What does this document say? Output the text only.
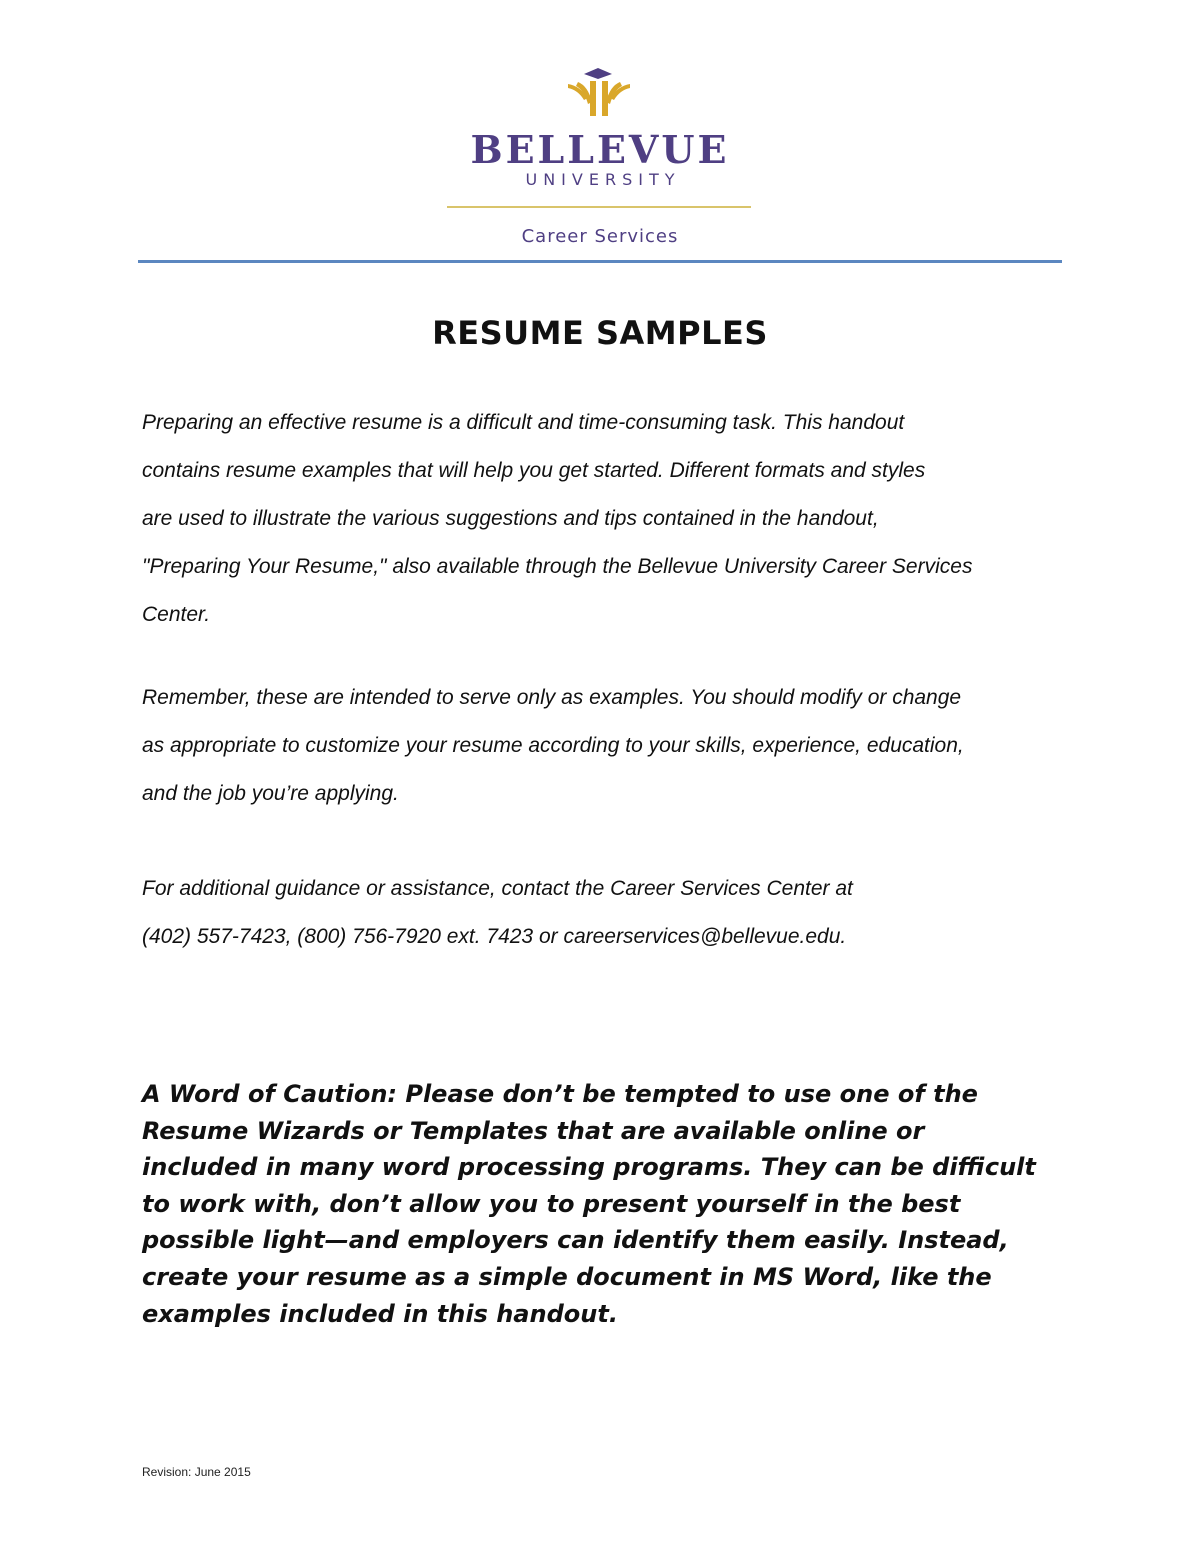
BELLEVUE
UNIVERSITY
Career Services
RESUME SAMPLES

Preparing an effective resume is a difficult and time-consuming task. This handout
contains resume examples that will help you get started. Different formats and styles
are used to illustrate the various suggestions and tips contained in the handout,
"Preparing Your Resume," also available through the Bellevue University Career Services
Center.

Remember, these are intended to serve only as examples. You should modify or change
as appropriate to customize your resume according to your skills, experience, education,
and the job you’re applying.

For additional guidance or assistance, contact the Career Services Center at
(402) 557-7423, (800) 756-7920 ext. 7423 or careerservices@bellevue.edu.

A Word of Caution: Please don’t be tempted to use one of the
Resume Wizards or Templates that are available online or
included in many word processing programs. They can be difficult
to work with, don’t allow you to present yourself in the best
possible light—and employers can identify them easily. Instead,
create your resume as a simple document in MS Word, like the
examples included in this handout.

Revision: June 2015
